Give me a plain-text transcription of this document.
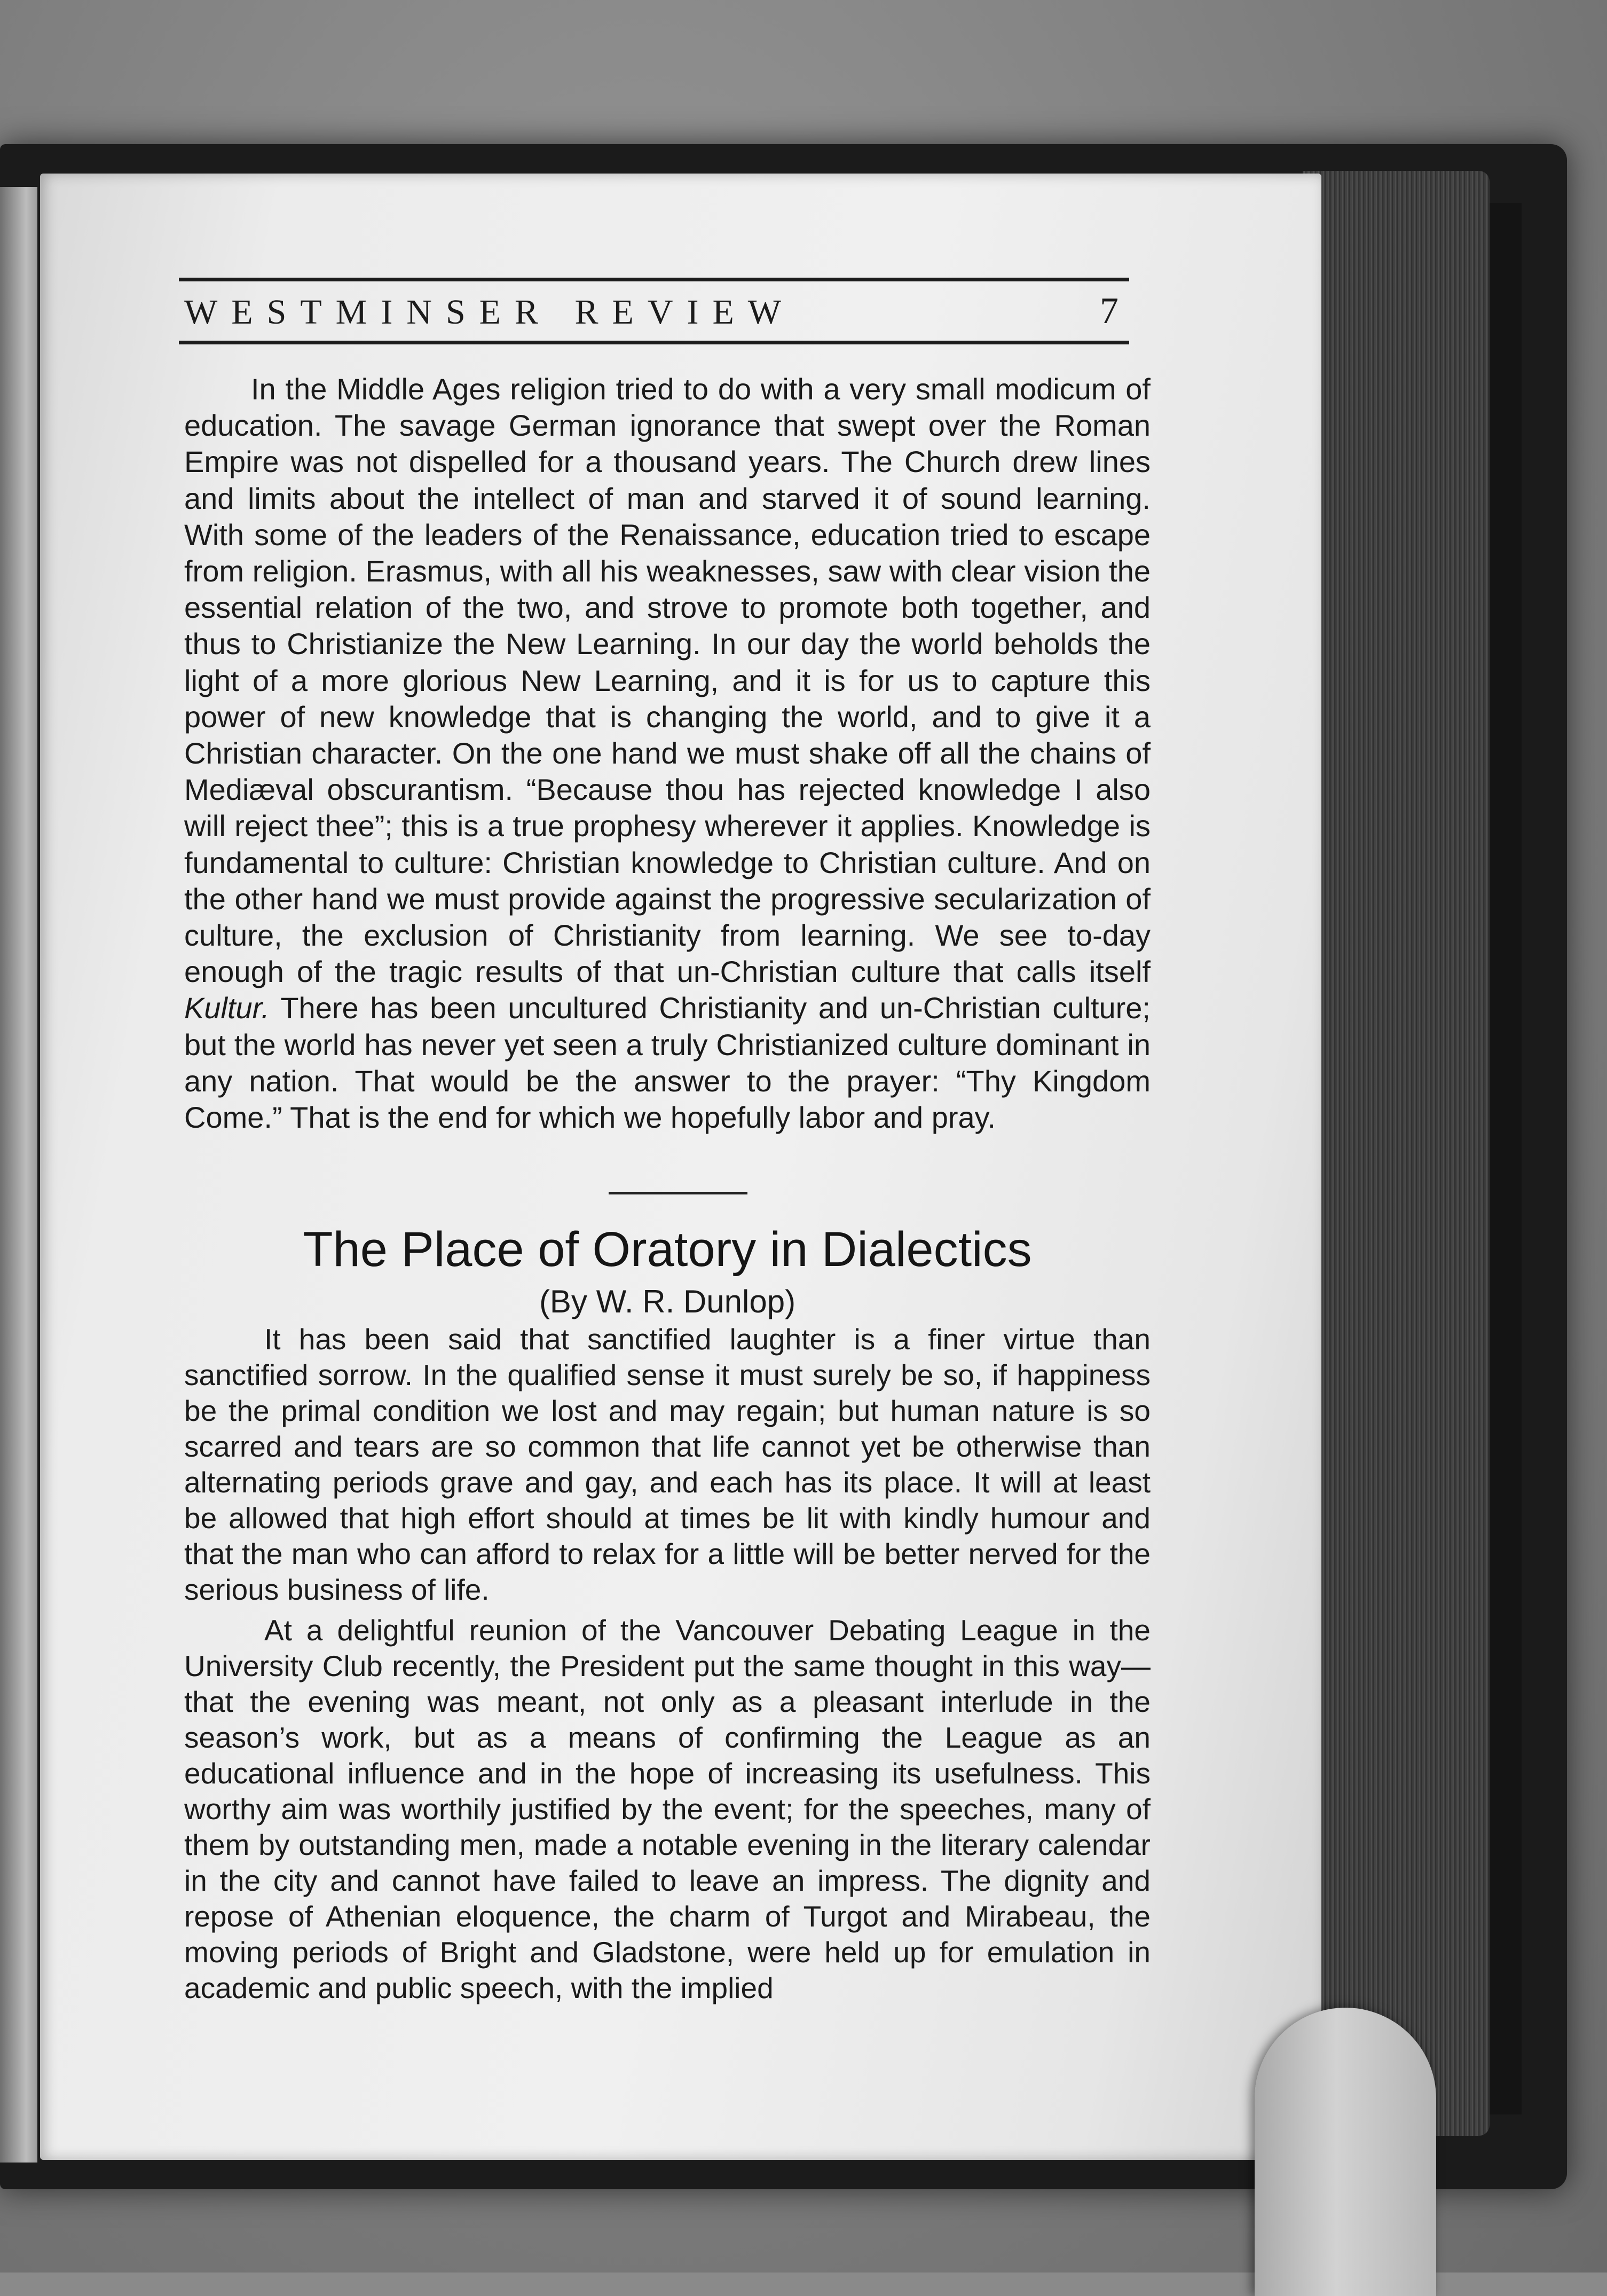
WESTMINSER REVIEW	7

In the Middle Ages religion tried to do with a very small modicum of education. The savage German ignorance that swept over the Roman Empire was not dispelled for a thousand years. The Church drew lines and limits about the intellect of man and starved it of sound learning. With some of the leaders of the Renaissance, education tried to escape from religion. Erasmus, with all his weaknesses, saw with clear vision the essential relation of the two, and strove to promote both together, and thus to Christianize the New Learning. In our day the world beholds the light of a more glorious New Learning, and it is for us to capture this power of new knowledge that is changing the world, and to give it a Christian character. On the one hand we must shake off all the chains of Mediæval obscurantism. “Because thou has rejected knowledge I also will reject thee”; this is a true prophesy wherever it applies. Knowledge is fundamental to culture: Christian knowledge to Christian culture. And on the other hand we must provide against the progressive secularization of culture, the exclusion of Christianity from learning. We see to-day enough of the tragic results of that un-Christian culture that calls itself Kultur. There has been uncultured Christianity and un-Christian culture; but the world has never yet seen a truly Christianized culture dominant in any nation. That would be the answer to the prayer: “Thy Kingdom Come.” That is the end for which we hopefully labor and pray.

The Place of Oratory in Dialectics
(By W. R. Dunlop)

It has been said that sanctified laughter is a finer virtue than sanctified sorrow. In the qualified sense it must surely be so, if happiness be the primal condition we lost and may regain; but human nature is so scarred and tears are so common that life cannot yet be otherwise than alternating periods grave and gay, and each has its place. It will at least be allowed that high effort should at times be lit with kindly humour and that the man who can afford to relax for a little will be better nerved for the serious business of life.

At a delightful reunion of the Vancouver Debating League in the University Club recently, the President put the same thought in this way—that the evening was meant, not only as a pleasant interlude in the season’s work, but as a means of confirming the League as an educational influence and in the hope of increasing its usefulness. This worthy aim was worthily justified by the event; for the speeches, many of them by outstanding men, made a notable evening in the literary calendar in the city and cannot have failed to leave an impress. The dignity and repose of Athenian eloquence, the charm of Turgot and Mirabeau, the moving periods of Bright and Gladstone, were held up for emulation in academic and public speech, with the implied
